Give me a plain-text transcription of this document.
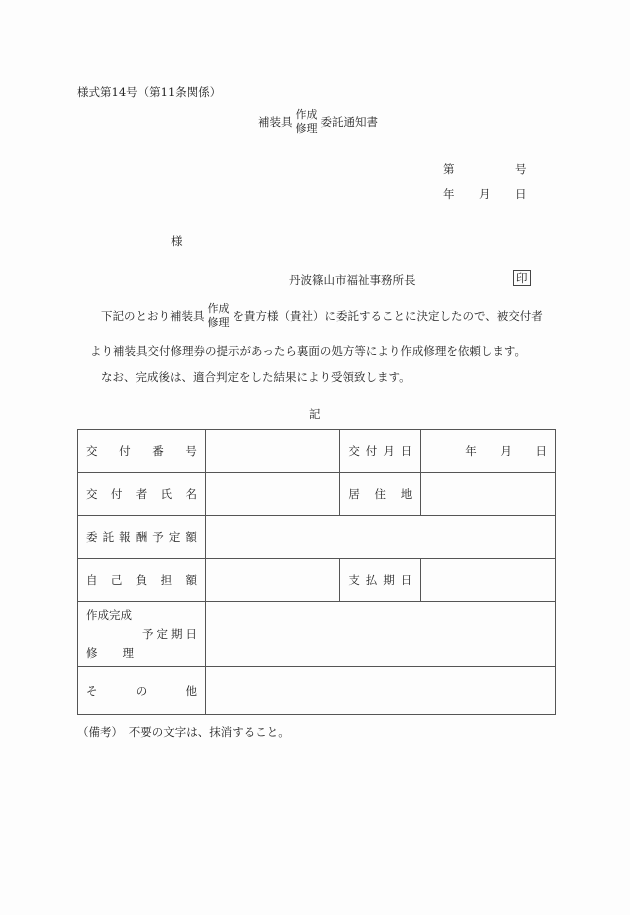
様式第14号（第11条関係）
補装具
作成
修理 委託通知書
第	号
年 月 日
様
丹波篠山市福祉事務所長	印
下記のとおり補装具
作成
修理 を貴方様（貴社）に委託することに決定したので、被交付者
より補装具交付修理券の提示があったら裏面の処方等により作成修理を依頼します。
なお、完成後は、適合判定をした結果により受領致します。
記
交 付 番 号		交 付 月 日	年 月 日

交 付 者 氏 名		居 住 地	

委 託 報 酬 予 定 額

自 己 負 担 額		支 払 期 日	

作成完成
予 定 期 日
修 理

そ の 他			

（備考）　不要の文字は、抹消すること。
